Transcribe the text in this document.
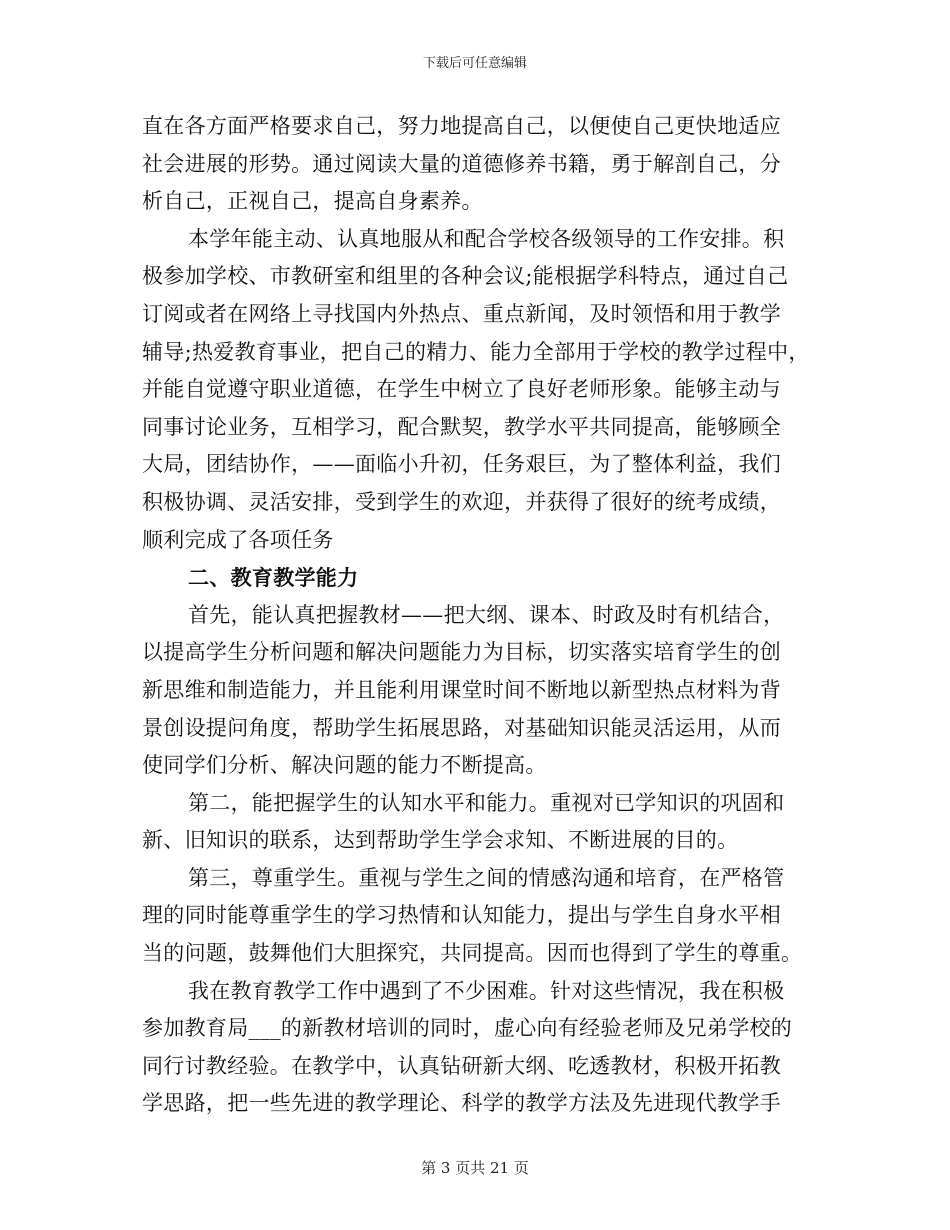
下载后可任意编辑
直在各方面严格要求自己，努力地提高自己，以便使自己更快地适应
社会进展的形势。通过阅读大量的道德修养书籍，勇于解剖自己，分
析自己，正视自己，提高自身素养。
本学年能主动、认真地服从和配合学校各级领导的工作安排。积
极参加学校、市教研室和组里的各种会议;能根据学科特点，通过自己
订阅或者在网络上寻找国内外热点、重点新闻，及时领悟和用于教学
辅导;热爱教育事业，把自己的精力、能力全部用于学校的教学过程中，
并能自觉遵守职业道德，在学生中树立了良好老师形象。能够主动与
同事讨论业务，互相学习，配合默契，教学水平共同提高，能够顾全
大局，团结协作，——面临小升初，任务艰巨，为了整体利益，我们
积极协调、灵活安排，受到学生的欢迎，并获得了很好的统考成绩，
顺利完成了各项任务
二、教育教学能力
首先，能认真把握教材——把大纲、课本、时政及时有机结合，
以提高学生分析问题和解决问题能力为目标，切实落实培育学生的创
新思维和制造能力，并且能利用课堂时间不断地以新型热点材料为背
景创设提问角度，帮助学生拓展思路，对基础知识能灵活运用，从而
使同学们分析、解决问题的能力不断提高。
第二，能把握学生的认知水平和能力。重视对已学知识的巩固和
新、旧知识的联系，达到帮助学生学会求知、不断进展的目的。
第三，尊重学生。重视与学生之间的情感沟通和培育，在严格管
理的同时能尊重学生的学习热情和认知能力，提出与学生自身水平相
当的问题，鼓舞他们大胆探究，共同提高。因而也得到了学生的尊重。
我在教育教学工作中遇到了不少困难。针对这些情况，我在积极
参加教育局___的新教材培训的同时，虚心向有经验老师及兄弟学校的
同行讨教经验。在教学中，认真钻研新大纲、吃透教材，积极开拓教
学思路，把一些先进的教学理论、科学的教学方法及先进现代教学手
第 3 页共 21 页
